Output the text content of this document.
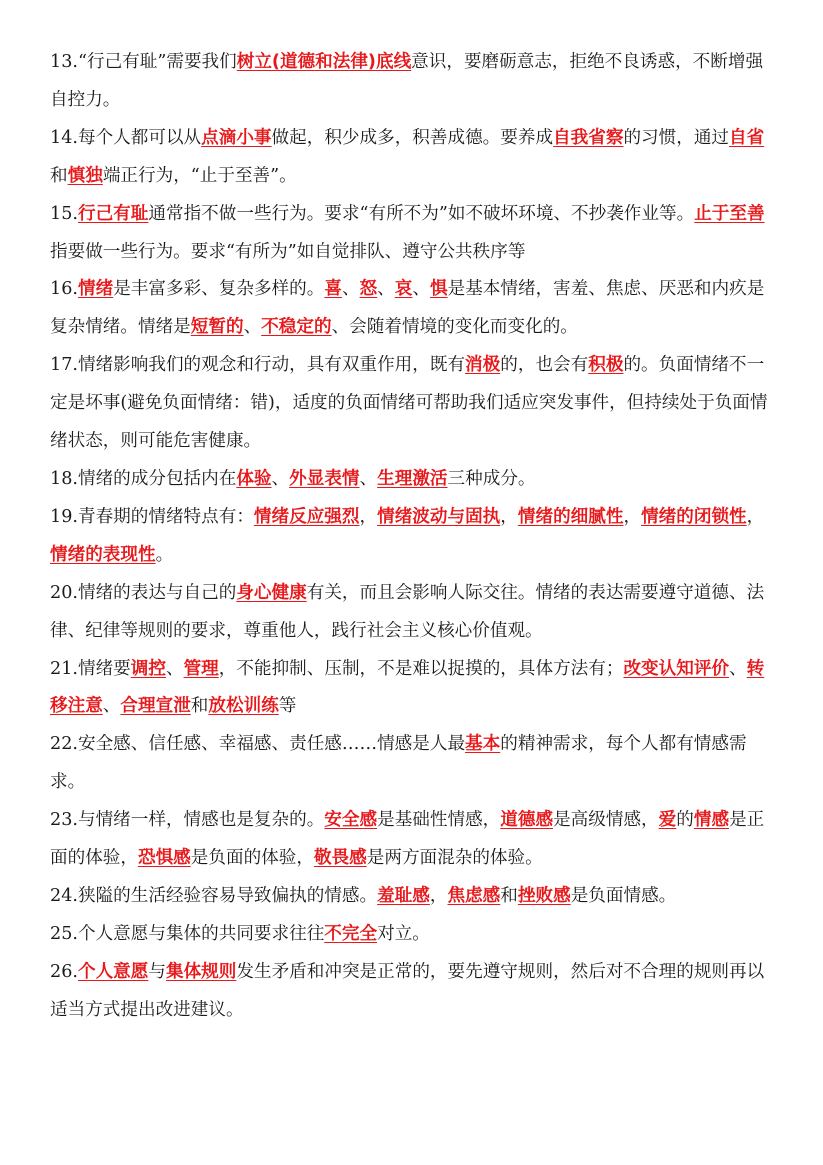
13.“行己有耻”需要我们树立(道德和法律)底线意识，要磨砺意志，拒绝不良诱惑，不断增强自控力。

14.每个人都可以从点滴小事做起，积少成多，积善成德。要养成自我省察的习惯，通过自省和慎独端正行为，“止于至善”。

15.行己有耻通常指不做一些行为。要求“有所不为”如不破坏环境、不抄袭作业等。止于至善指要做一些行为。要求“有所为”如自觉排队、遵守公共秩序等

16.情绪是丰富多彩、复杂多样的。喜、怒、哀、惧是基本情绪，害羞、焦虑、厌恶和内疚是复杂情绪。情绪是短暂的、不稳定的、会随着情境的变化而变化的。

17.情绪影响我们的观念和行动，具有双重作用，既有消极的，也会有积极的。负面情绪不一定是坏事(避免负面情绪：错)，适度的负面情绪可帮助我们适应突发事件，但持续处于负面情绪状态，则可能危害健康。

18.情绪的成分包括内在体验、外显表情、生理激活三种成分。

19.青春期的情绪特点有：情绪反应强烈，情绪波动与固执，情绪的细腻性，情绪的闭锁性，情绪的表现性。

20.情绪的表达与自己的身心健康有关，而且会影响人际交往。情绪的表达需要遵守道德、法律、纪律等规则的要求，尊重他人，践行社会主义核心价值观。

21.情绪要调控、管理，不能抑制、压制，不是难以捉摸的，具体方法有；改变认知评价、转移注意、合理宣泄和放松训练等

22.安全感、信任感、幸福感、责任感……情感是人最基本的精神需求，每个人都有情感需求。

23.与情绪一样，情感也是复杂的。安全感是基础性情感，道德感是高级情感，爱的情感是正面的体验，恐惧感是负面的体验，敬畏感是两方面混杂的体验。

24.狭隘的生活经验容易导致偏执的情感。羞耻感，焦虑感和挫败感是负面情感。

25.个人意愿与集体的共同要求往往不完全对立。

26.个人意愿与集体规则发生矛盾和冲突是正常的，要先遵守规则，然后对不合理的规则再以适当方式提出改进建议。
